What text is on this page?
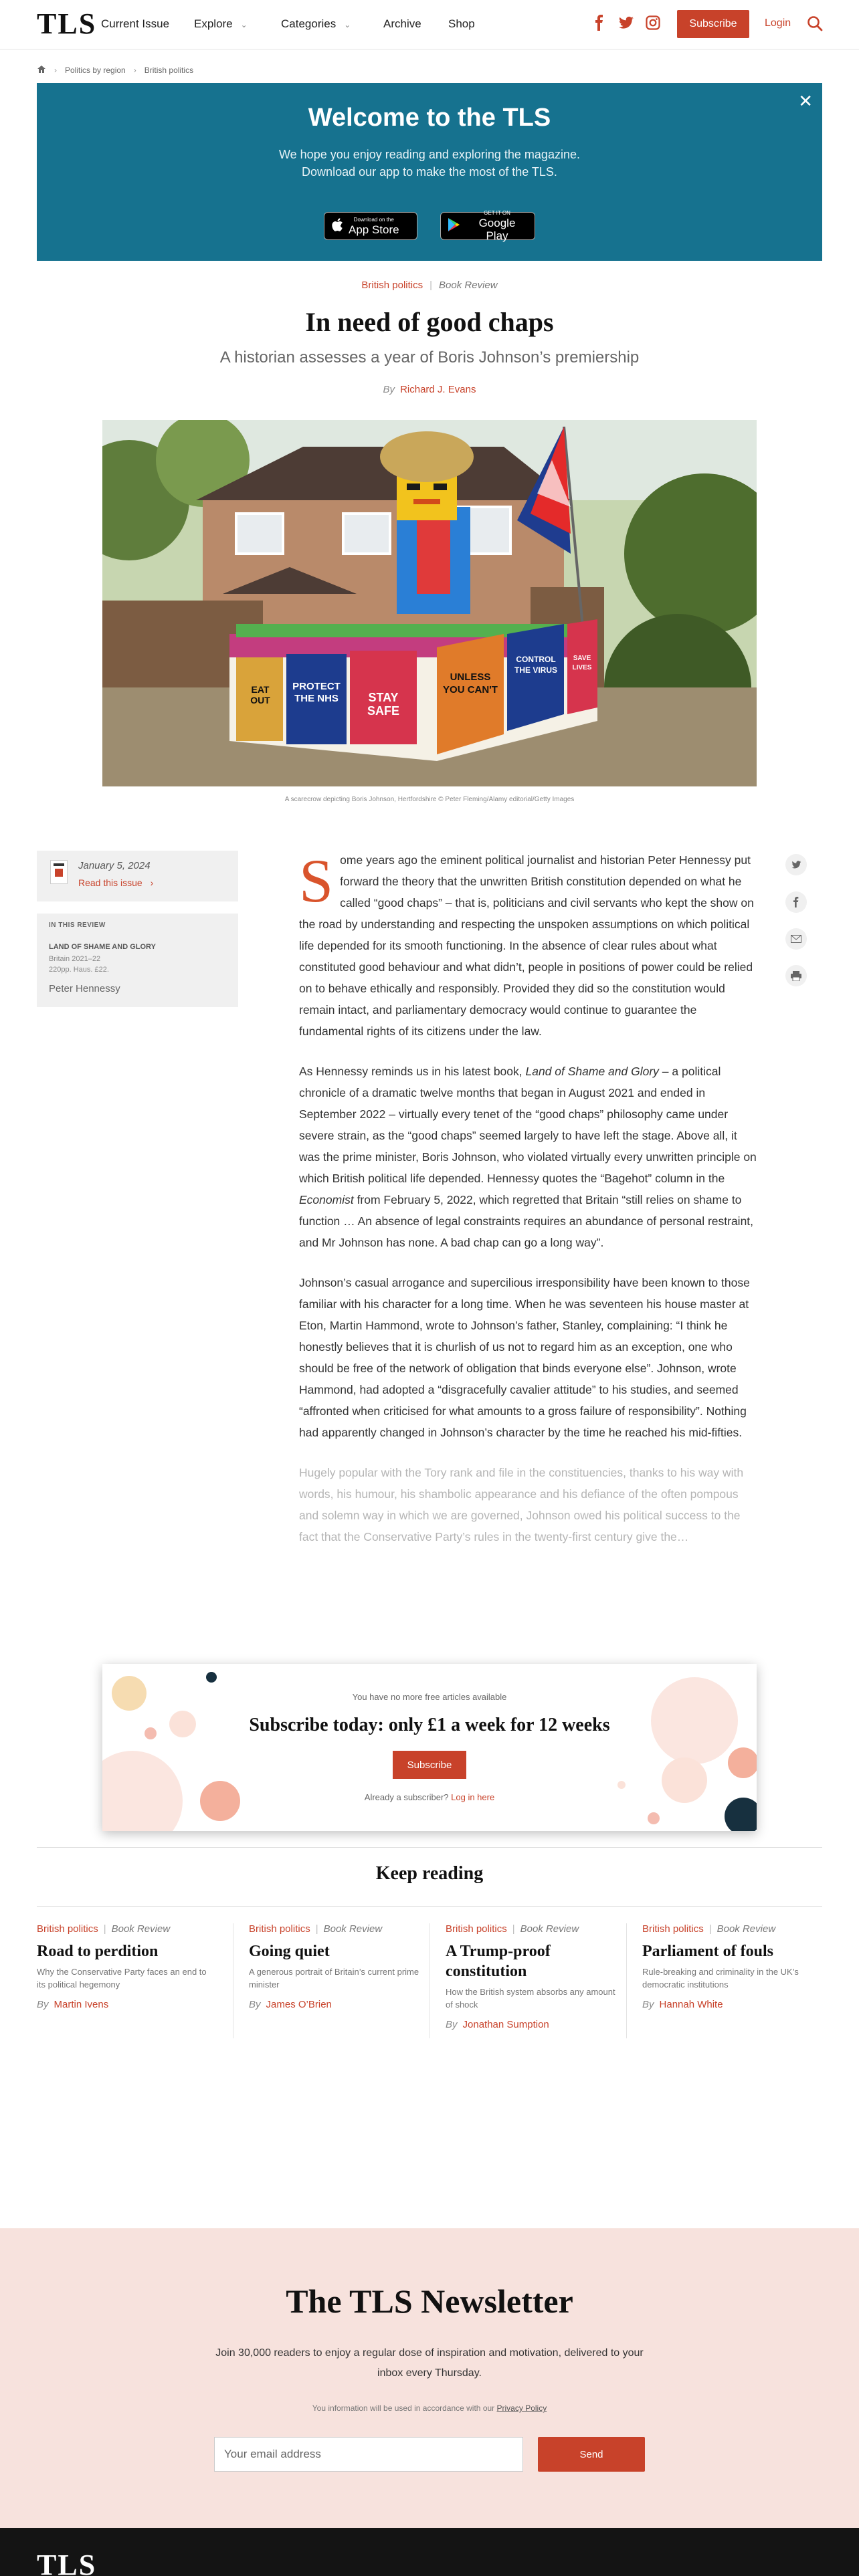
TLS Current Issue Explore ⌄	Categories ⌄	Archive Shop	Subscribe	Login
› Politics by region › British politics
Welcome to the TLS

We hope you enjoy reading and exploring the magazine.

Download our app to make the most of the TLS.

✕
Download on the
App Store
GET IT ON
Google Play
British politics | Book Review
In need of good chaps
A historian assesses a year of Boris Johnson’s premiership
By Richard J. Evans
EAT OUT
PROTECT THE NHS	STAY SAFE
UNLESS YOU CAN'T
CONTROL THE VIRUS
SAVE LIVES
A scarecrow depicting Boris Johnson, Hertfordshire © Peter Fleming/Alamy editorial/Getty Images
January 5, 2024
Read this issue ›
IN THIS REVIEW
LAND OF SHAME AND GLORY
Britain 2021–22
220pp. Haus. £22.
Peter Hennessy

Some years ago the eminent political journalist and historian Peter Hennessy put forward the theory that the unwritten British constitution depended on what he called “good chaps” – that is, politicians and civil servants who kept the show on the road by understanding and respecting the unspoken assumptions on which political life depended for its smooth functioning. In the absence of clear rules about what constituted good behaviour and what didn’t, people in positions of power could be relied on to behave ethically and responsibly. Provided they did so the constitution would remain intact, and parliamentary democracy would continue to guarantee the fundamental rights of its citizens under the law.

As Hennessy reminds us in his latest book, Land of Shame and Glory – a political chronicle of a dramatic twelve months that began in August 2021 and ended in September 2022 – virtually every tenet of the “good chaps” philosophy came under severe strain, as the “good chaps” seemed largely to have left the stage. Above all, it was the prime minister, Boris Johnson, who violated virtually every unwritten principle on which British political life depended. Hennessy quotes the “Bagehot” column in the Economist from February 5, 2022, which regretted that Britain “still relies on shame to function … An absence of legal constraints requires an abundance of personal restraint, and Mr Johnson has none. A bad chap can go a long way”.

Johnson’s casual arrogance and supercilious irresponsibility have been known to those familiar with his character for a long time. When he was seventeen his house master at Eton, Martin Hammond, wrote to Johnson’s father, Stanley, complaining: “I think he honestly believes that it is churlish of us not to regard him as an exception, one who should be free of the network of obligation that binds everyone else”. Johnson, wrote Hammond, had adopted a “disgracefully cavalier attitude” to his studies, and seemed “affronted when criticised for what amounts to a gross failure of responsibility”. Nothing had apparently changed in Johnson’s character by the time he reached his mid-fifties.

Hugely popular with the Tory rank and file in the constituencies, thanks to his way with words, his humour, his shambolic appearance and his defiance of the often pompous and solemn way in which we are governed, Johnson owed his political success to the fact that the Conservative Party’s rules in the twenty-first century give the…

You have no more free articles available
Subscribe today: only £1 a week for 12 weeks
Subscribe
Already a subscriber? Log in here
Keep reading
British politics | Book Review
Road to perdition
Why the Conservative Party faces an end to its political hegemony
By Martin Ivens
British politics | Book Review
Going quiet
A generous portrait of Britain’s current prime minister
By James O’Brien
British politics | Book Review
A Trump-proof constitution
How the British system absorbs any amount of shock
By Jonathan Sumption
British politics | Book Review
Parliament of fouls
Rule-breaking and criminality in the UK’s democratic institutions
By Hannah White
The TLS Newsletter
Join 30,000 readers to enjoy a regular dose of inspiration and motivation, delivered to your inbox every Thursday.
You information will be used in accordance with our Privacy Policy
Your email address
Send
TLS
